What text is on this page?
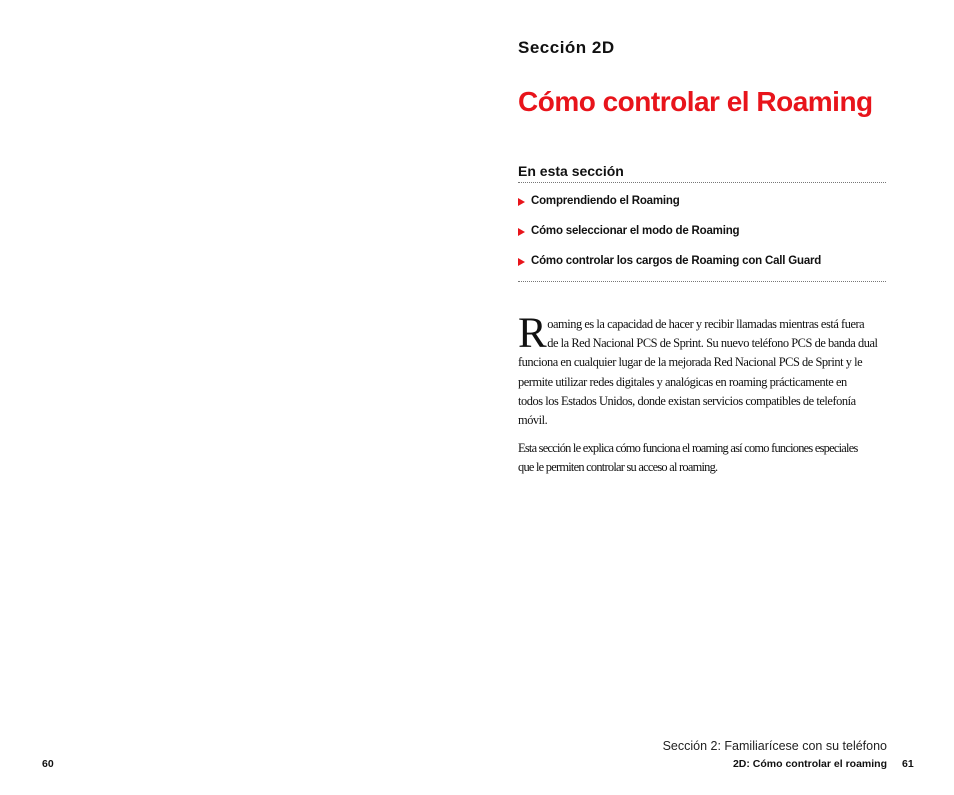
Sección 2D
Cómo controlar el Roaming
En esta sección
Comprendiendo el Roaming
Cómo seleccionar el modo de Roaming
Cómo controlar los cargos de Roaming con Call Guard
R oaming es la capacidad de hacer y recibir llamadas mientras está fuera
de la Red Nacional PCS de Sprint. Su nuevo teléfono PCS de banda dual
funciona en cualquier lugar de la mejorada Red Nacional PCS de Sprint y le
permite utilizar redes digitales y analógicas en roaming prácticamente en
todos los Estados Unidos, donde existan servicios compatibles de telefonía
móvil.
Esta sección le explica cómo funciona el roaming así como funciones especiales
que le permiten controlar su acceso al roaming.
Sección 2: Familiarícese con su teléfono
2D: Cómo controlar el roaming
60	61
